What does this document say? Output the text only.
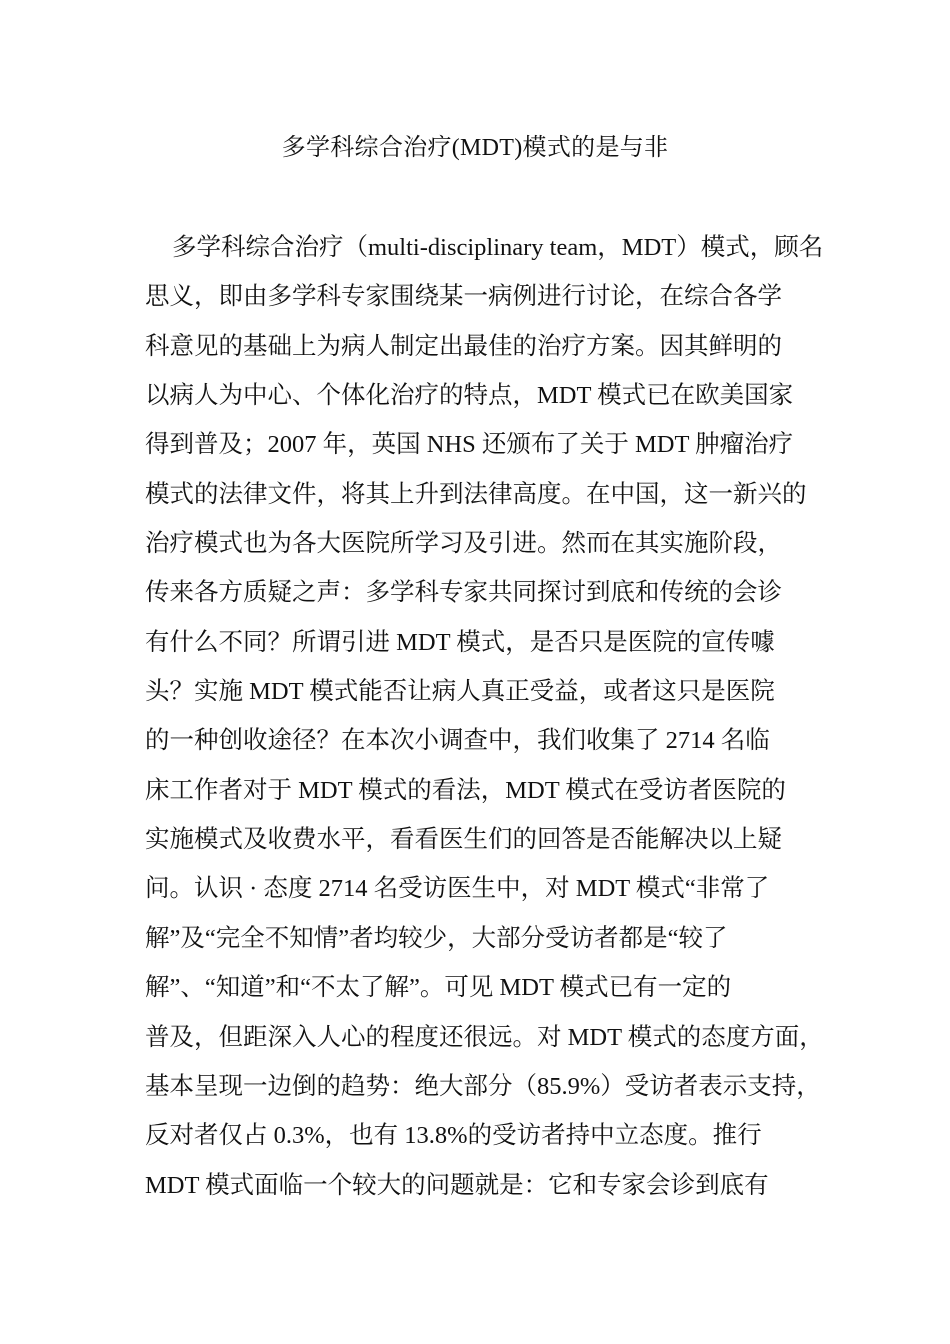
多学科综合治疗(MDT)模式的是与非
多学科综合治疗（multi-disciplinary team，MDT）模式，顾名
思义，即由多学科专家围绕某一病例进行讨论，在综合各学
科意见的基础上为病人制定出最佳的治疗方案。因其鲜明的
以病人为中心、个体化治疗的特点，MDT 模式已在欧美国家
得到普及；2007 年，英国 NHS 还颁布了关于 MDT 肿瘤治疗
模式的法律文件，将其上升到法律高度。在中国，这一新兴的
治疗模式也为各大医院所学习及引进。然而在其实施阶段，
传来各方质疑之声：多学科专家共同探讨到底和传统的会诊
有什么不同？所谓引进 MDT 模式，是否只是医院的宣传噱
头？实施 MDT 模式能否让病人真正受益，或者这只是医院
的一种创收途径？在本次小调查中，我们收集了 2714 名临
床工作者对于 MDT 模式的看法，MDT 模式在受访者医院的
实施模式及收费水平，看看医生们的回答是否能解决以上疑
问。认识 · 态度 2714 名受访医生中，对 MDT 模式“非常了
解”及“完全不知情”者均较少，大部分受访者都是“较了
解”、“知道”和“不太了解”。可见 MDT 模式已有一定的
普及，但距深入人心的程度还很远。对 MDT 模式的态度方面，
基本呈现一边倒的趋势：绝大部分（85.9%）受访者表示支持，
反对者仅占 0.3%，也有 13.8%的受访者持中立态度。推行
MDT 模式面临一个较大的问题就是：它和专家会诊到底有
